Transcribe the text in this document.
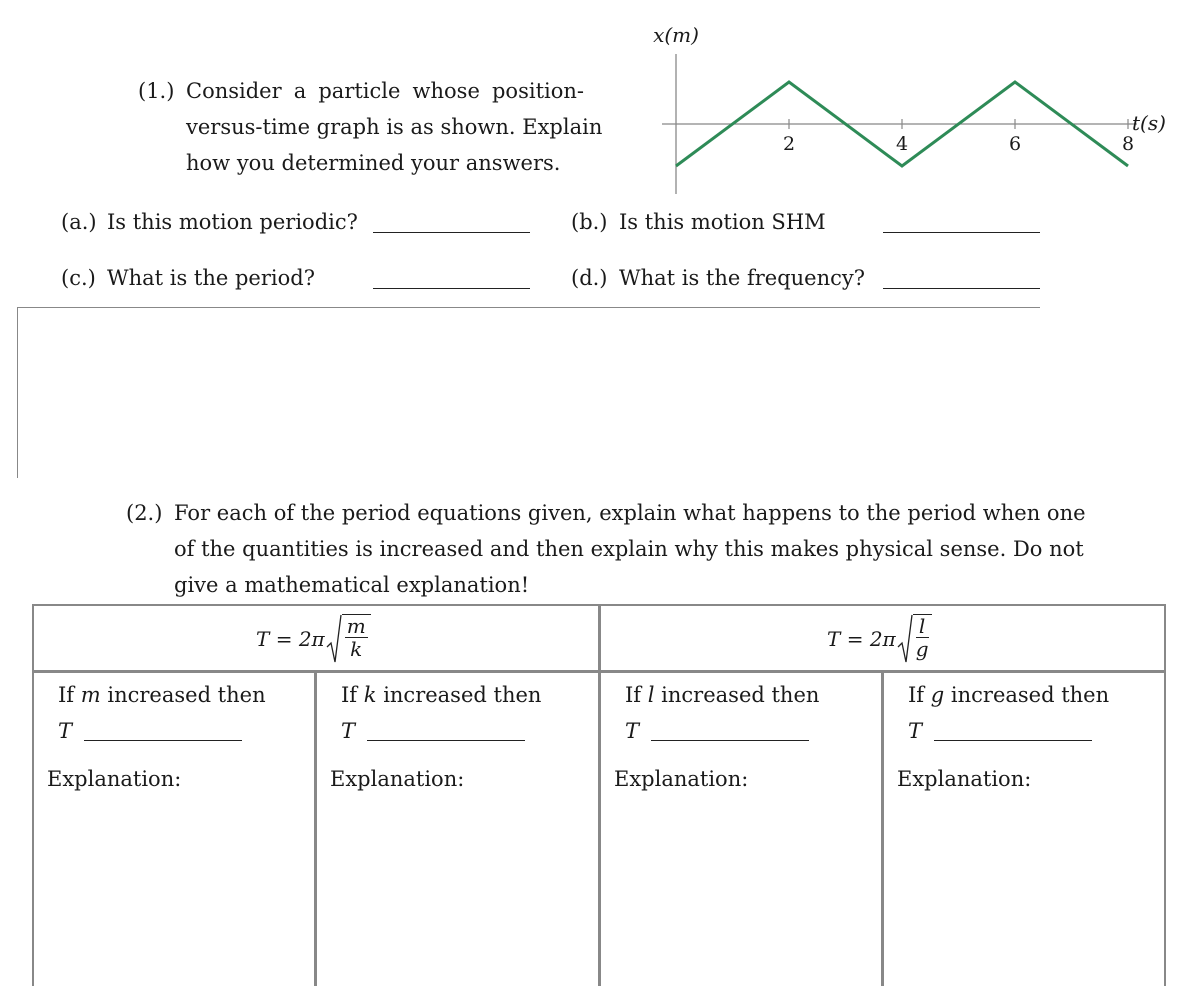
(1.) Consider a particle whose position-
versus-time graph is as shown. Explain
how you determined your answers.
2	4	6	8
t(s)
x(m)
(a.) Is this motion periodic?	(b.) Is this motion SHM
(c.) What is the period?	(d.) What is the frequency?
(2.) For each of the period equations given, explain what happens to the period when one
of the quantities is increased and then explain why this makes physical sense. Do not
give a mathematical explanation!
$T = 2\pi \frac{m}{k}$	$T = 2\pi \frac{l}{g}$
If m increased then
T
Explanation:
If k increased then
T
Explanation:
If l increased then
T
Explanation:
If g increased then
T
Explanation:
